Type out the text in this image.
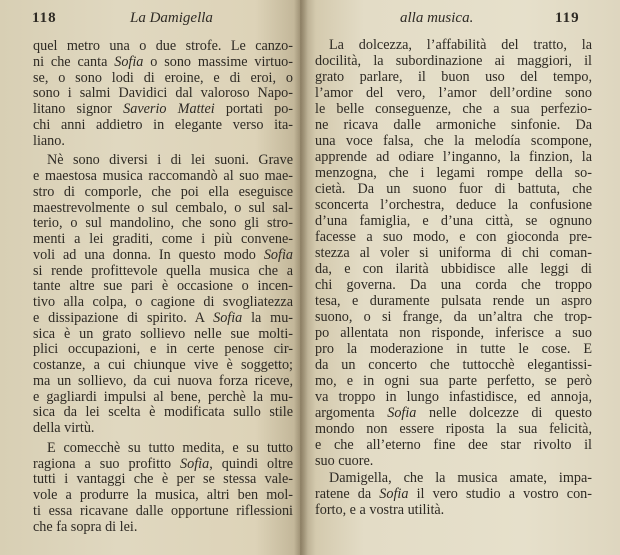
118	La Damigella
quel metro una o due strofe. Le canzo-
ni che canta Sofia o sono massime virtuo-
se, o sono lodi di eroine, e di eroi, o
sono i salmi Davidici dal valoroso Napo-
litano signor Saverio Mattei portati po-
chi anni addietro in elegante verso ita-
liano.
Nè sono diversi i di lei suoni. Grave
e maestosa musica raccomandò al suo mae-
stro di comporle, che poi ella eseguisce
maestrevolmente o sul cembalo, o sul sal-
terio, o sul mandolino, che sono gli stro-
menti a lei graditi, come i più convene-
voli ad una donna. In questo modo Sofia
si rende profittevole quella musica che a
tante altre sue pari è occasione o incen-
tivo alla colpa, o cagione di svogliatezza
e dissipazione di spirito. A Sofia la mu-
sica è un grato sollievo nelle sue molti-
plici occupazioni, e in certe penose cir-
costanze, a cui chiunque vive è soggetto;
ma un sollievo, da cui nuova forza riceve,
e gagliardi impulsi al bene, perchè la mu-
sica da lei scelta è modificata sullo stile
della virtù.
E comecchè su tutto medita, e su tutto
ragiona a suo profitto Sofia, quindi oltre
tutti i vantaggi che è per se stessa vale-
vole a produrre la musica, altri ben mol-
ti essa ricavane dalle opportune riflessioni
che fa sopra di lei.
alla musica.	119
La dolcezza, l’affabilità del tratto, la
docilità, la subordinazione ai maggiori, il
grato parlare, il buon uso del tempo,
l’amor del vero, l’amor dell’ordine sono
le belle conseguenze, che a sua perfezio-
ne ricava dalle armoniche sinfonie. Da
una voce falsa, che la melodía scompone,
apprende ad odiare l’inganno, la finzion, la
menzogna, che i legami rompe della so-
cietà. Da un suono fuor di battuta, che
sconcerta l’orchestra, deduce la confusione
d’una famiglia, e d’una città, se ognuno
facesse a suo modo, e con gioconda pre-
stezza al voler si uniforma di chi coman-
da, e con ilarità ubbidisce alle leggi di
chi governa. Da una corda che troppo
tesa, e duramente pulsata rende un aspro
suono, o si frange, da un’altra che trop-
po allentata non risponde, inferisce a suo
pro la moderazione in tutte le cose. E
da un concerto che tuttocchè elegantissi-
mo, e in ogni sua parte perfetto, se però
va troppo in lungo infastidisce, ed annoja,
argomenta Sofia nelle dolcezze di questo
mondo non essere riposta la sua felicità,
e che all’eterno fine dee star rivolto il
suo cuore.
Damigella, che la musica amate, impa-
ratene da Sofia il vero studio a vostro con-
forto, e a vostra utilità.
